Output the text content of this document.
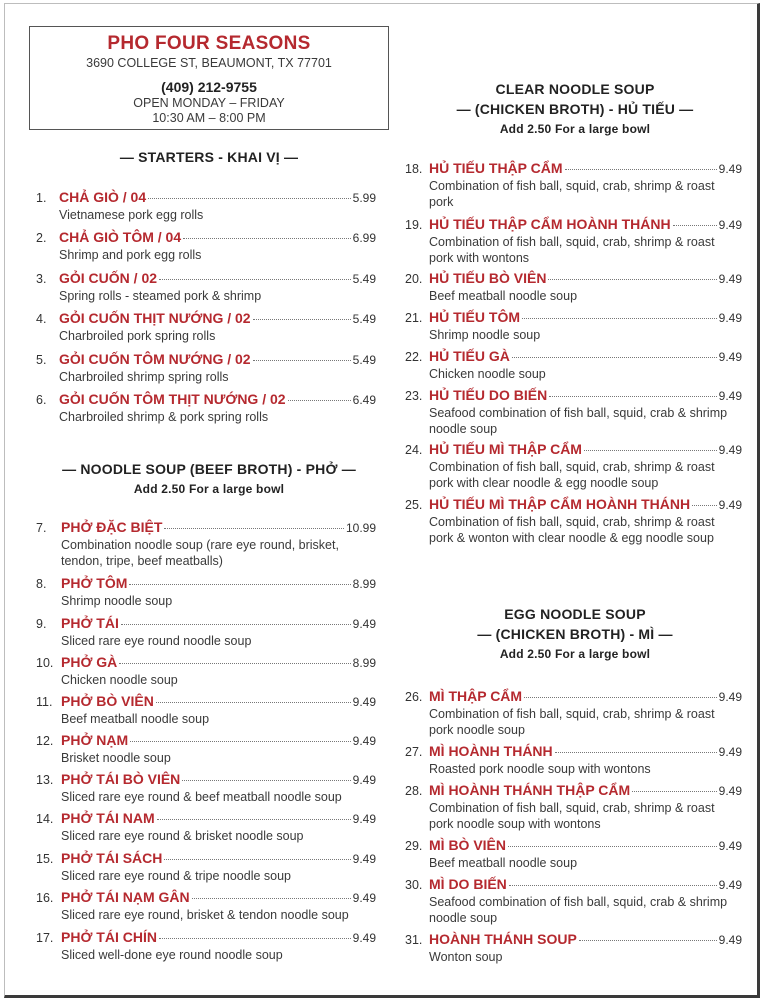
PHO FOUR SEASONS
3690 COLLEGE ST, BEAUMONT, TX 77701
(409) 212-9755
OPEN MONDAY – FRIDAY
10:30 AM – 8:00 PM
— STARTERS - KHAI VỊ —
1. CHẢ GIÒ / 04	5.99
Vietnamese pork egg rolls
2. CHẢ GIÒ TÔM / 04	6.99
Shrimp and pork egg rolls
3. GỎI CUỐN / 02	5.49
Spring rolls - steamed pork & shrimp
4. GỎI CUỐN THỊT NƯỚNG / 02	5.49
Charbroiled pork spring rolls
5. GỎI CUỐN TÔM NƯỚNG / 02	5.49
Charbroiled shrimp spring rolls
6. GỎI CUỐN TÔM THỊT NƯỚNG / 02	6.49
Charbroiled shrimp & pork spring rolls
— NOODLE SOUP (BEEF BROTH) - PHỞ —
Add 2.50 For a large bowl
7. PHỞ ĐẶC BIỆT	10.99
Combination noodle soup (rare eye round, brisket, tendon, tripe, beef meatballs)
8. PHỞ TÔM	8.99
Shrimp noodle soup
9. PHỞ TÁI	9.49
Sliced rare eye round noodle soup
10. PHỞ GÀ	8.99
Chicken noodle soup
11. PHỞ BÒ VIÊN	9.49
Beef meatball noodle soup
12. PHỞ NẠM	9.49
Brisket noodle soup
13. PHỞ TÁI BÒ VIÊN	9.49
Sliced rare eye round & beef meatball noodle soup
14. PHỞ TÁI NAM	9.49
Sliced rare eye round & brisket noodle soup
15. PHỞ TÁI SÁCH	9.49
Sliced rare eye round & tripe noodle soup
16. PHỞ TÁI NẠM GÂN	9.49
Sliced rare eye round, brisket & tendon noodle soup
17. PHỞ TÁI CHÍN	9.49
Sliced well-done eye round noodle soup
CLEAR NOODLE SOUP
— (CHICKEN BROTH) - HỦ TIẾU —
Add 2.50 For a large bowl
18. HỦ TIẾU THẬP CẨM	9.49
Combination of fish ball, squid, crab, shrimp & roast pork
19. HỦ TIẾU THẬP CẨM HOÀNH THÁNH	9.49
Combination of fish ball, squid, crab, shrimp & roast pork with wontons
20. HỦ TIẾU BÒ VIÊN	9.49
Beef meatball noodle soup
21. HỦ TIẾU TÔM	9.49
Shrimp noodle soup
22. HỦ TIẾU GÀ	9.49
Chicken noodle soup
23. HỦ TIẾU DO BIẾN	9.49
Seafood combination of fish ball, squid, crab & shrimp noodle soup
24. HỦ TIẾU MÌ THẬP CẨM	9.49
Combination of fish ball, squid, crab, shrimp & roast pork with clear noodle & egg noodle soup
25. HỦ TIẾU MÌ THẬP CẨM HOÀNH THÁNH 9.49
Combination of fish ball, squid, crab, shrimp & roast pork & wonton with clear noodle & egg noodle soup
EGG NOODLE SOUP
— (CHICKEN BROTH) - MÌ —
Add 2.50 For a large bowl
26. MÌ THẬP CẨM	9.49
Combination of fish ball, squid, crab, shrimp & roast pork noodle soup
27. MÌ HOÀNH THÁNH	9.49
Roasted pork noodle soup with wontons
28. MÌ HOÀNH THÁNH THẬP CẨM	9.49
Combination of fish ball, squid, crab, shrimp & roast pork noodle soup with wontons
29. MÌ BÒ VIÊN	9.49
Beef meatball noodle soup
30. MÌ DO BIẾN	9.49
Seafood combination of fish ball, squid, crab & shrimp noodle soup
31. HOÀNH THÁNH SOUP	9.49
Wonton soup
